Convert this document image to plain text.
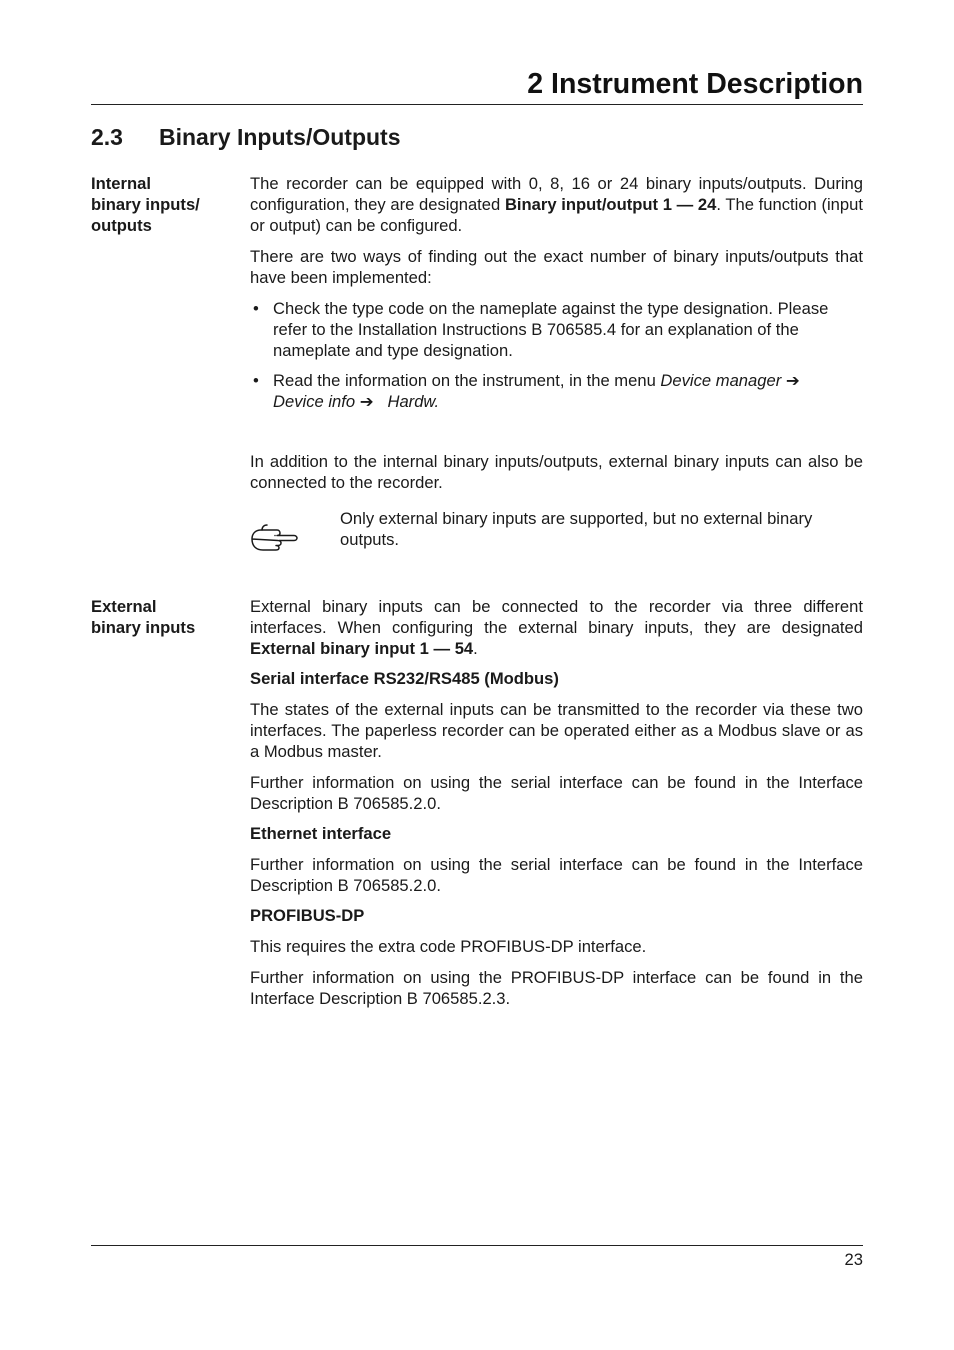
2 Instrument Description
2.3 Binary Inputs/Outputs
Internal
binary inputs/
outputs

The recorder can be equipped with 0, 8, 16 or 24 binary inputs/outputs. During configuration, they are designated Binary input/output 1 — 24. The function (input or output) can be configured.

There are two ways of finding out the exact number of binary inputs/outputs that have been implemented:

• Check the type code on the nameplate against the type designation. Please refer to the Installation Instructions B 706585.4 for an explanation of the nameplate and type designation.
• Read the information on the instrument, in the menu Device manager ➔
Device info ➔ Hardw.
In addition to the internal binary inputs/outputs, external binary inputs can also be connected to the recorder.
Only external binary inputs are supported, but no external binary outputs.
External
binary inputs

External binary inputs can be connected to the recorder via three different interfaces. When configuring the external binary inputs, they are designated External binary input 1 — 54.

Serial interface RS232/RS485 (Modbus)

The states of the external inputs can be transmitted to the recorder via these two interfaces. The paperless recorder can be operated either as a Modbus slave or as a Modbus master.

Further information on using the serial interface can be found in the Interface Description B 706585.2.0.

Ethernet interface

Further information on using the serial interface can be found in the Interface Description B 706585.2.0.

PROFIBUS-DP

This requires the extra code PROFIBUS-DP interface.

Further information on using the PROFIBUS-DP interface can be found in the Interface Description B 706585.2.3.

23
